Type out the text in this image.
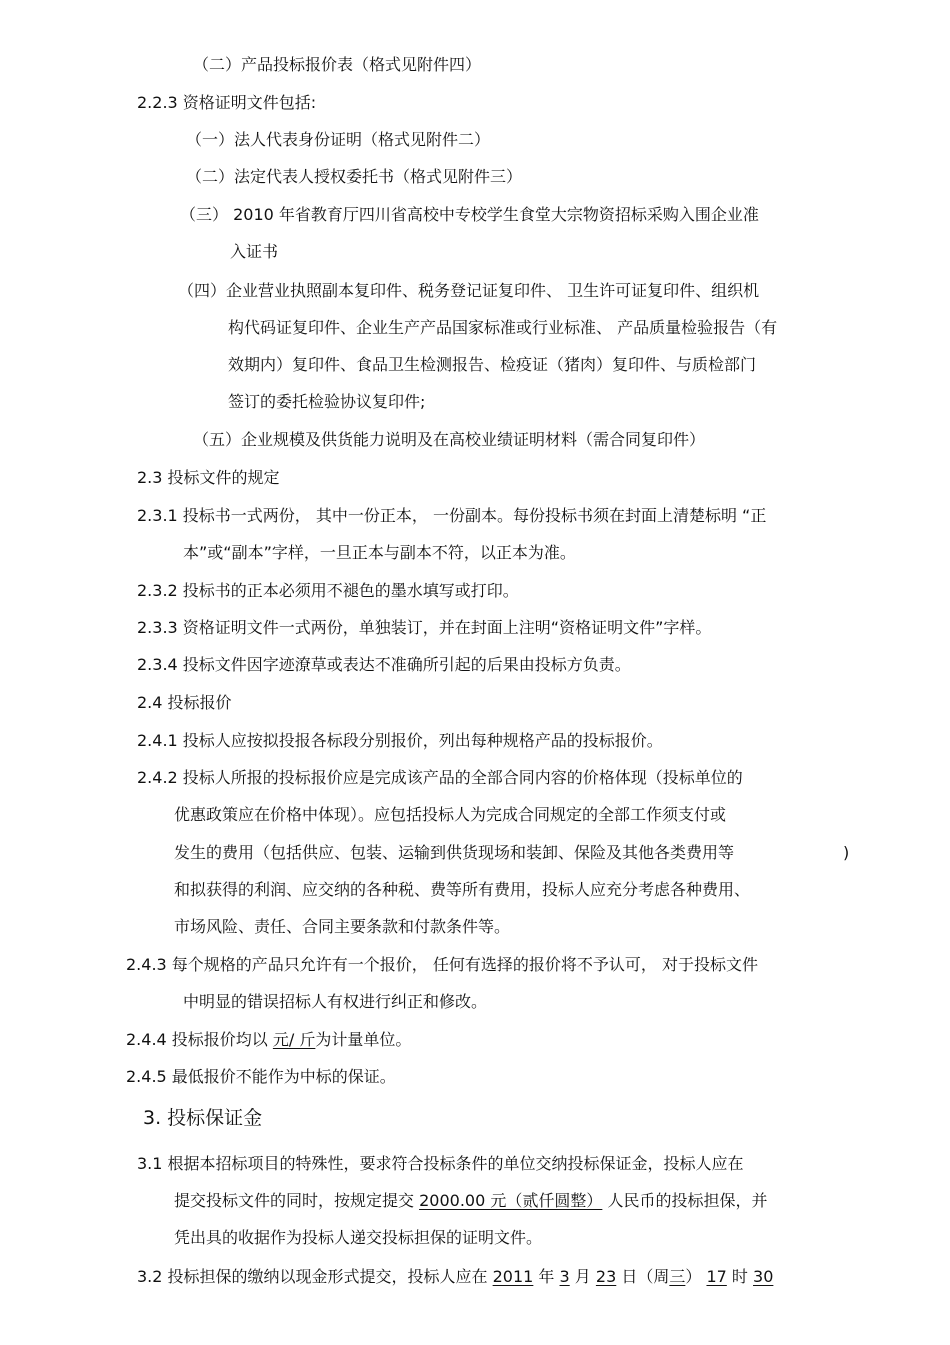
（二）产品投标报价表（格式见附件四）
2.2.3 资格证明文件包括:
（一）法人代表身份证明（格式见附件二）
（二）法定代表人授权委托书（格式见附件三）
（三） 2010 年省教育厅四川省高校中专校学生食堂大宗物资招标采购入围企业准
入证书
（四）企业营业执照副本复印件、税务登记证复印件、 卫生许可证复印件、组织机
构代码证复印件、企业生产产品国家标准或行业标准、 产品质量检验报告（有
效期内）复印件、食品卫生检测报告、检疫证（猪肉）复印件、与质检部门
签订的委托检验协议复印件;
（五）企业规模及供货能力说明及在高校业绩证明材料（需合同复印件）
2.3 投标文件的规定
2.3.1 投标书一式两份， 其中一份正本， 一份副本。每份投标书须在封面上清楚标明 “正
本”或“副本”字样，一旦正本与副本不符，以正本为准。
2.3.2 投标书的正本必须用不褪色的墨水填写或打印。
2.3.3 资格证明文件一式两份，单独装订，并在封面上注明“资格证明文件”字样。
2.3.4 投标文件因字迹潦草或表达不准确所引起的后果由投标方负责。
2.4 投标报价
2.4.1 投标人应按拟投报各标段分别报价，列出每种规格产品的投标报价。
2.4.2 投标人所报的投标报价应是完成该产品的全部合同内容的价格体现（投标单位的
优惠政策应在价格中体现）。应包括投标人为完成合同规定的全部工作须支付或
发生的费用（包括供应、包装、运输到供货现场和装卸、保险及其他各类费用等	)
和拟获得的利润、应交纳的各种税、费等所有费用，投标人应充分考虑各种费用、
市场风险、责任、合同主要条款和付款条件等。
2.4.3 每个规格的产品只允许有一个报价， 任何有选择的报价将不予认可， 对于投标文件
中明显的错误招标人有权进行纠正和修改。
2.4.4 投标报价均以 元/ 斤为计量单位。
2.4.5 最低报价不能作为中标的保证。
3. 投标保证金
3.1 根据本招标项目的特殊性，要求符合投标条件的单位交纳投标保证金，投标人应在
提交投标文件的同时，按规定提交 2000.00 元（贰仟圆整） 人民币的投标担保，并
凭出具的收据作为投标人递交投标担保的证明文件。
3.2 投标担保的缴纳以现金形式提交，投标人应在 2011 年 3 月 23 日（周三） 17 时 30
